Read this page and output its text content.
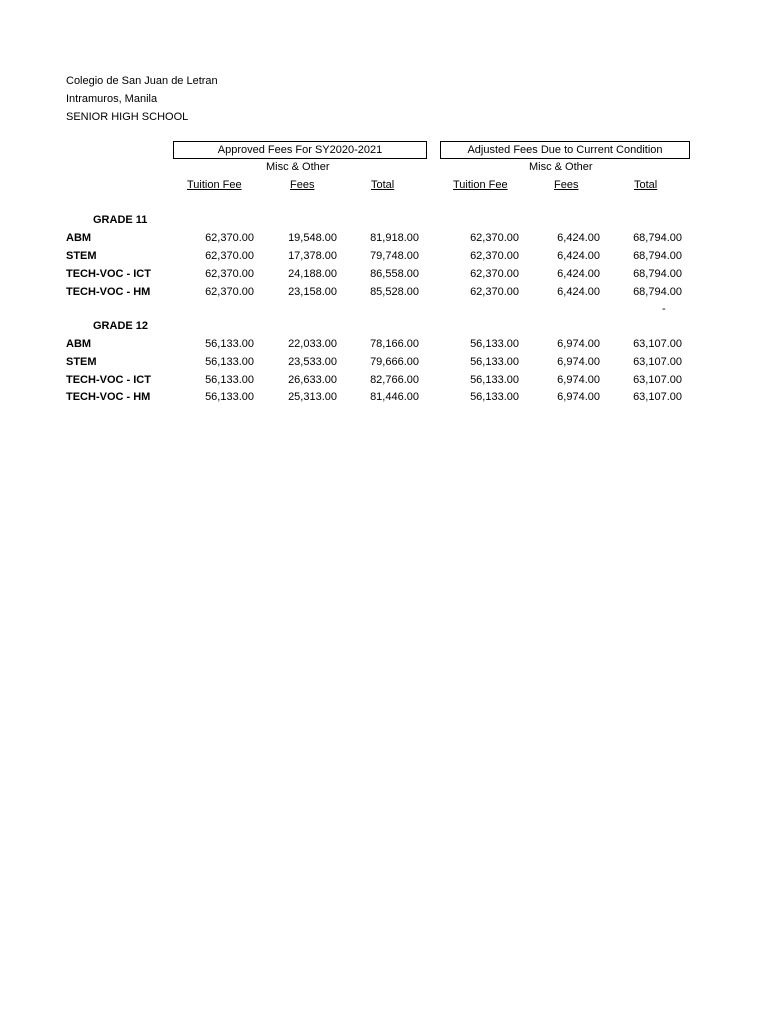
Colegio de San Juan de Letran
Intramuros, Manila
SENIOR HIGH SCHOOL
Approved Fees For SY2020-2021	Adjusted Fees Due to Current Condition
Misc & Other	Misc & Other
Tuition Fee	Fees	Total	Tuition Fee	Fees	Total
GRADE 11
ABM	62,370.00	19,548.00	81,918.00	62,370.00	6,424.00	68,794.00
STEM	62,370.00	17,378.00	79,748.00	62,370.00	6,424.00	68,794.00
TECH-VOC - ICT	62,370.00	24,188.00	86,558.00	62,370.00	6,424.00	68,794.00
TECH-VOC - HM	62,370.00	23,158.00	85,528.00	62,370.00	6,424.00	68,794.00
-
GRADE 12
ABM	56,133.00	22,033.00	78,166.00	56,133.00	6,974.00	63,107.00
STEM	56,133.00	23,533.00	79,666.00	56,133.00	6,974.00	63,107.00
TECH-VOC - ICT	56,133.00	26,633.00	82,766.00	56,133.00	6,974.00	63,107.00
TECH-VOC - HM	56,133.00	25,313.00	81,446.00	56,133.00	6,974.00	63,107.00
